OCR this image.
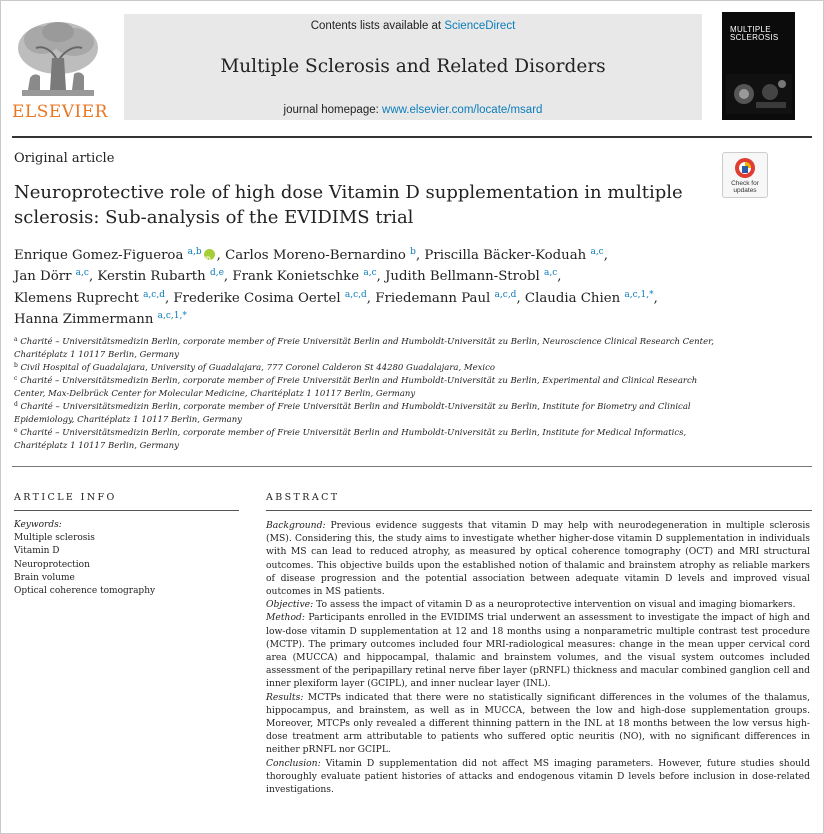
ELSEVIER
Contents lists available at ScienceDirect
Multiple Sclerosis and Related Disorders
journal homepage: www.elsevier.com/locate/msard
MULTIPLE
SCLEROSIS
Original article
Check for updates
Neuroprotective role of high dose Vitamin D supplementation in multiple sclerosis: Sub-analysis of the EVIDIMS trial
Enrique Gomez-Figueroa $^{a,b}$iD , Carlos Moreno-Bernardino $^b$, Priscilla Bäcker-Koduah $^{a,c}$,
Jan Dörr $^{a,c}$, Kerstin Rubarth $^{d,e}$, Frank Konietschke $^{a,c}$, Judith Bellmann-Strobl $^{a,c}$,
Klemens Ruprecht $^{a,c,d}$, Frederike Cosima Oertel $^{a,c,d}$, Friedemann Paul $^{a,c,d}$, Claudia Chien $^{a,c,1,*}$,
Hanna Zimmermann $^{a,c,1,*}$
$^a$ Charité – Universitätsmedizin Berlin, corporate member of Freie Universität Berlin and Humboldt-Universität zu Berlin, Neuroscience Clinical Research Center, Charitéplatz 1 10117 Berlin, Germany
$^b$ Civil Hospital of Guadalajara, University of Guadalajara, 777 Coronel Calderon St 44280 Guadalajara, Mexico
$^c$ Charité – Universitätsmedizin Berlin, corporate member of Freie Universität Berlin and Humboldt-Universität zu Berlin, Experimental and Clinical Research Center, Max-Delbrück Center for Molecular Medicine, Charitéplatz 1 10117 Berlin, Germany
$^d$ Charité – Universitätsmedizin Berlin, corporate member of Freie Universität Berlin and Humboldt-Universität zu Berlin, Institute for Biometry and Clinical Epidemiology, Charitéplatz 1 10117 Berlin, Germany
$^e$ Charité – Universitätsmedizin Berlin, corporate member of Freie Universität Berlin and Humboldt-Universität zu Berlin, Institute for Medical Informatics, Charitéplatz 1 10117 Berlin, Germany
ARTICLE INFO	ABSTRACT
Keywords:
Multiple sclerosis
Vitamin D
Neuroprotection
Brain volume
Optical coherence tomography

Background: Previous evidence suggests that vitamin D may help with neurodegeneration in multiple sclerosis (MS). Considering this, the study aims to investigate whether higher-dose vitamin D supplementation in individuals with MS can lead to reduced atrophy, as measured by optical coherence tomography (OCT) and MRI structural outcomes. This objective builds upon the established notion of thalamic and brainstem atrophy as reliable markers of disease progression and the potential association between adequate vitamin D levels and improved visual outcomes in MS patients.

Objective: To assess the impact of vitamin D as a neuroprotective intervention on visual and imaging biomarkers.

Method: Participants enrolled in the EVIDIMS trial underwent an assessment to investigate the impact of high and low-dose vitamin D supplementation at 12 and 18 months using a nonparametric multiple contrast test procedure (MCTP). The primary outcomes included four MRI-radiological measures: change in the mean upper cervical cord area (MUCCA) and hippocampal, thalamic and brainstem volumes, and the visual system outcomes included assessment of the peripapillary retinal nerve fiber layer (pRNFL) thickness and macular combined ganglion cell and inner plexiform layer (GCIPL), and inner nuclear layer (INL).

Results: MCTPs indicated that there were no statistically significant differences in the volumes of the thalamus, hippocampus, and brainstem, as well as in MUCCA, between the low and high-dose supplementation groups. Moreover, MTCPs only revealed a different thinning pattern in the INL at 18 months between the low versus high-dose treatment arm attributable to patients who suffered optic neuritis (NO), with no significant differences in neither pRNFL nor GCIPL.

Conclusion: Vitamin D supplementation did not affect MS imaging parameters. However, future studies should thoroughly evaluate patient histories of attacks and endogenous vitamin D levels before inclusion in dose-related investigations.
